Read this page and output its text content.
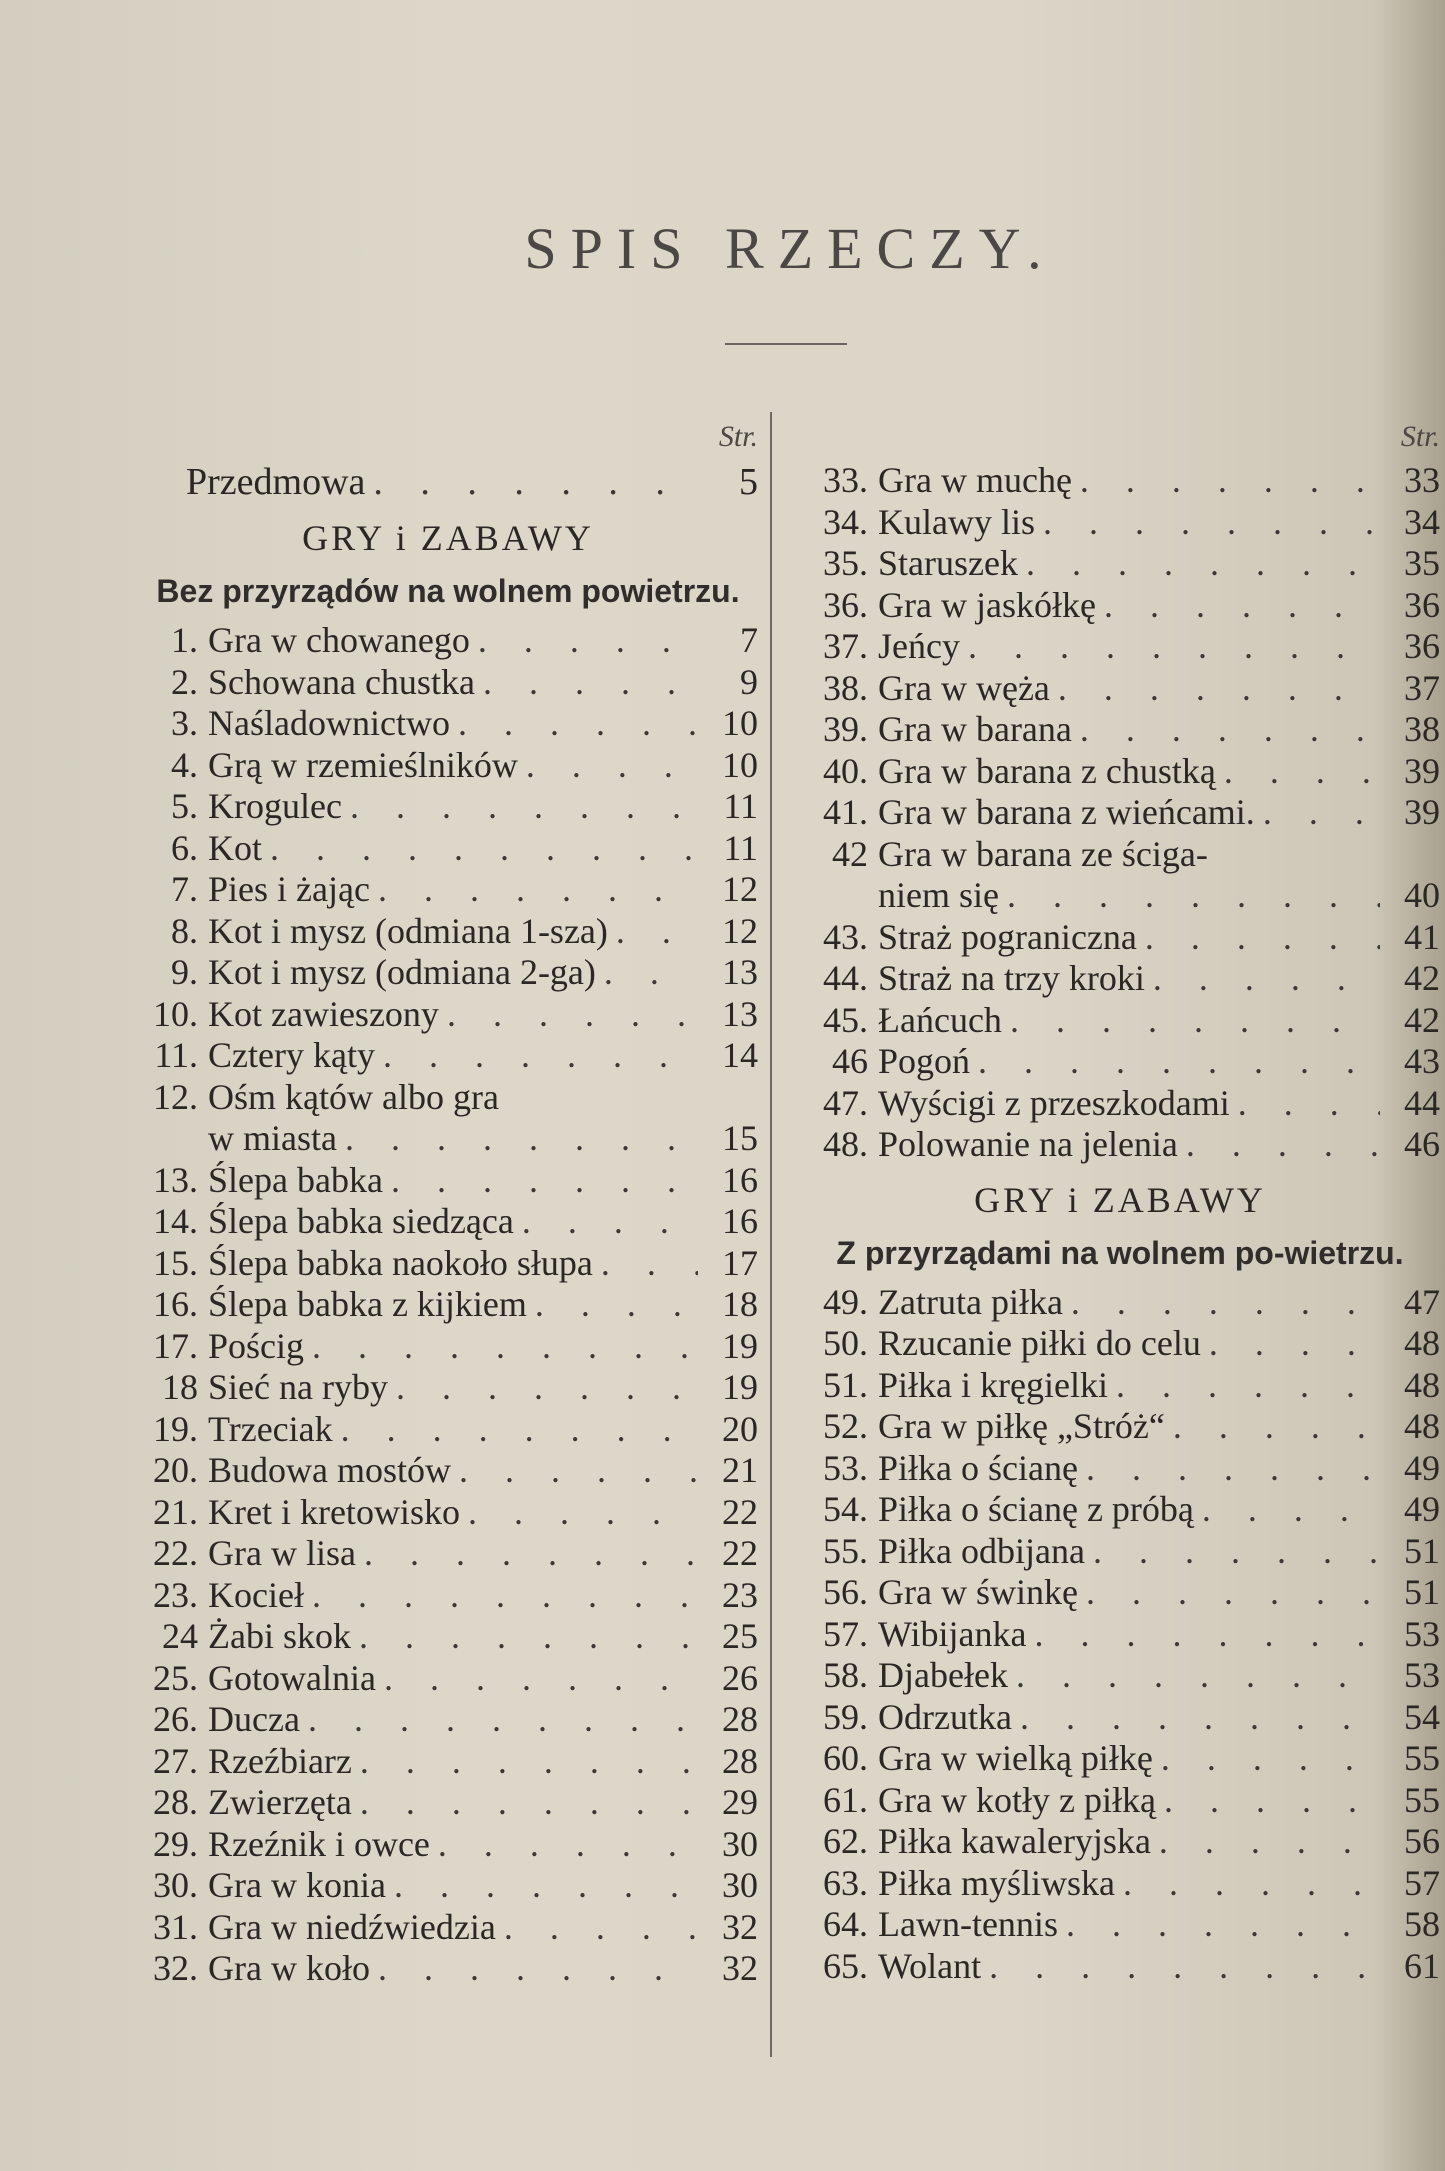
SPIS RZECZY.
Str.
Przedmowa . . .	5
GRY i ZABAWY
Bez przyrządów na wolnem powietrzu.
1. Gra w chowanego . . .	7
2. Schowana chustka . . .	9
3. Naśladownictwo . . .	10
4. Grą w rzemieślników . . .	10
5. Krogulec . . .	11
6. Kot . . .	11
7. Pies i żając . . .	12
8. Kot i mysz (odmiana 1-sza) . . .	12
9. Kot i mysz (odmiana 2-ga) . . .	13
10. Kot zawieszony . . .	13
11. Cztery kąty . . .	14
12. Ośm kątów albo gra
w miasta . . .	15
13. Ślepa babka . . .	16
14. Ślepa babka siedząca . . .	16
15. Ślepa babka naokoło słupa . . .	17
16. Ślepa babka z kijkiem . . .	18
17. Pościg . . .	19
18 Sieć na ryby . . .	19
19. Trzeciak . . .	20
20. Budowa mostów . . .	21
21. Kret i kretowisko . . .	22
22. Gra w lisa . . .	22
23. Kocieł . . .	23
24 Żabi skok . . .	25
25. Gotowalnia . . .	26
26. Ducza . . .	28
27. Rzeźbiarz . . .	28
28. Zwierzęta . . .	29
29. Rzeźnik i owce . . .	30
30. Gra w konia . . .	30
31. Gra w niedźwiedzia . . .	32
32. Gra w koło . . .	32
Str.
33. Gra w muchę . . .	33
34. Kulawy lis . . .	34
35. Staruszek . . .	35
36. Gra w jaskółkę . . .	36
37. Jeńcy . . .	36
38. Gra w węża . . .	37
39. Gra w barana . . .	38
40. Gra w barana z chustką . . .	39
41. Gra w barana z wieńcami. . . .	39
42 Gra w barana ze ściga-
niem się . . .	40
43. Straż pograniczna . . .	41
44. Straż na trzy kroki . . .	42
45. Łańcuch . . .	42
46 Pogoń . . .	43
47. Wyścigi z przeszkodami . . .	44
48. Polowanie na jelenia . . .	46
GRY i ZABAWY
Z przyrządami na wolnem po-wietrzu.
49. Zatruta piłka . . .	47
50. Rzucanie piłki do celu . . .	48
51. Piłka i kręgielki . . .	48
52. Gra w piłkę „Stróż“ . . .	48
53. Piłka o ścianę . . .	49
54. Piłka o ścianę z próbą . . .	49
55. Piłka odbijana . . .	51
56. Gra w świnkę . . .	51
57. Wibijanka . . .	53
58. Djabełek . . .	53
59. Odrzutka . . .	54
60. Gra w wielką piłkę . . .	55
61. Gra w kotły z piłką . . .	55
62. Piłka kawaleryjska . . .	56
63. Piłka myśliwska . . .	57
64. Lawn-tennis . . .	58
65. Wolant . . .	61
